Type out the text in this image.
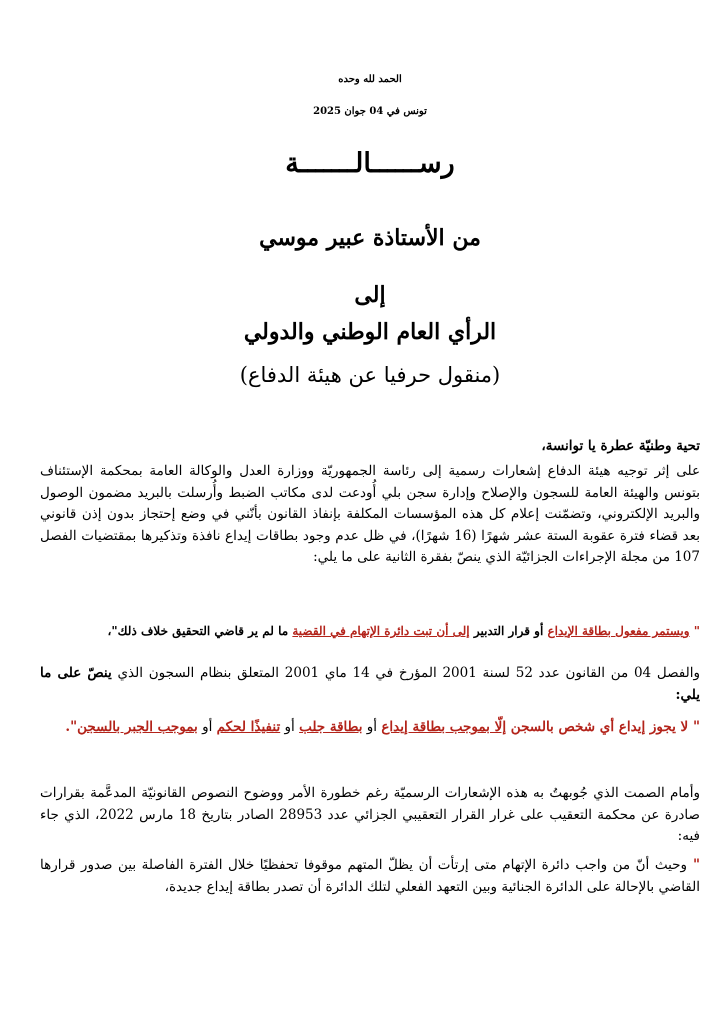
الحمد لله وحده
تونس في 04 جوان 2025
رســــــالـــــــة
من الأستاذة عبير موسي
إلى
الرأي العام الوطني والدولي
(منقول حرفيا عن هيئة الدفاع)
تحية وطنيّة عطرة يا توانسة،
على إثر توجيه هيئة الدفاع إشعارات رسمية إلى رئاسة الجمهوريّة ووزارة العدل والوكالة العامة بمحكمة الإستئناف بتونس والهيئة العامة للسجون والإصلاح وإدارة سجن بلي أُودعت لدى مكاتب الضبط وأُرسلت بالبريد مضمون الوصول والبريد الإلكتروني، وتضمّنت إعلام كل هذه المؤسسات المكلفة بإنفاذ القانون بأنّني في وضع إحتجاز بدون إذن قانوني بعد قضاء فترة عقوبة الستة عشر شهرًا (16 شهرًا)، في ظل عدم وجود بطاقات إيداع نافذة وتذكيرها بمقتضيات الفصل 107 من مجلة الإجراءات الجزائيّة الذي ينصّ بفقرة الثانية على ما يلي:
" ويستمر مفعول بطاقة الإيداع أو قرار التدبير إلى أن تبت دائرة الإتهام في القضية ما لم ير قاضي التحقيق خلاف ذلك"،
والفصل 04 من القانون عدد 52 لسنة 2001 المؤرخ في 14 ماي 2001 المتعلق بنظام السجون الذي ينصّ على ما يلي:
" لا يجوز إيداع أي شخص بالسجن إلّا بموجب بطاقة إيداع أو بطاقة جلب أو تنفيذًا لحكم أو بموجب الجبر بالسجن".
وأمام الصمت الذي جُوبهتُ به هذه الإشعارات الرسميّة رغم خطورة الأمر ووضوح النصوص القانونيّة المدعَّمة بقرارات صادرة عن محكمة التعقيب على غرار القرار التعقيبي الجزائي عدد 28953 الصادر بتاريخ 18 مارس 2022، الذي جاء فيه:
" وحيث أنّ من واجب دائرة الإتهام متى إرتأت أن يظلّ المتهم موقوفا تحفظيًا خلال الفترة الفاصلة بين صدور قرارها القاضي بالإحالة على الدائرة الجنائية وبين التعهد الفعلي لتلك الدائرة أن تصدر بطاقة إيداع جديدة،
